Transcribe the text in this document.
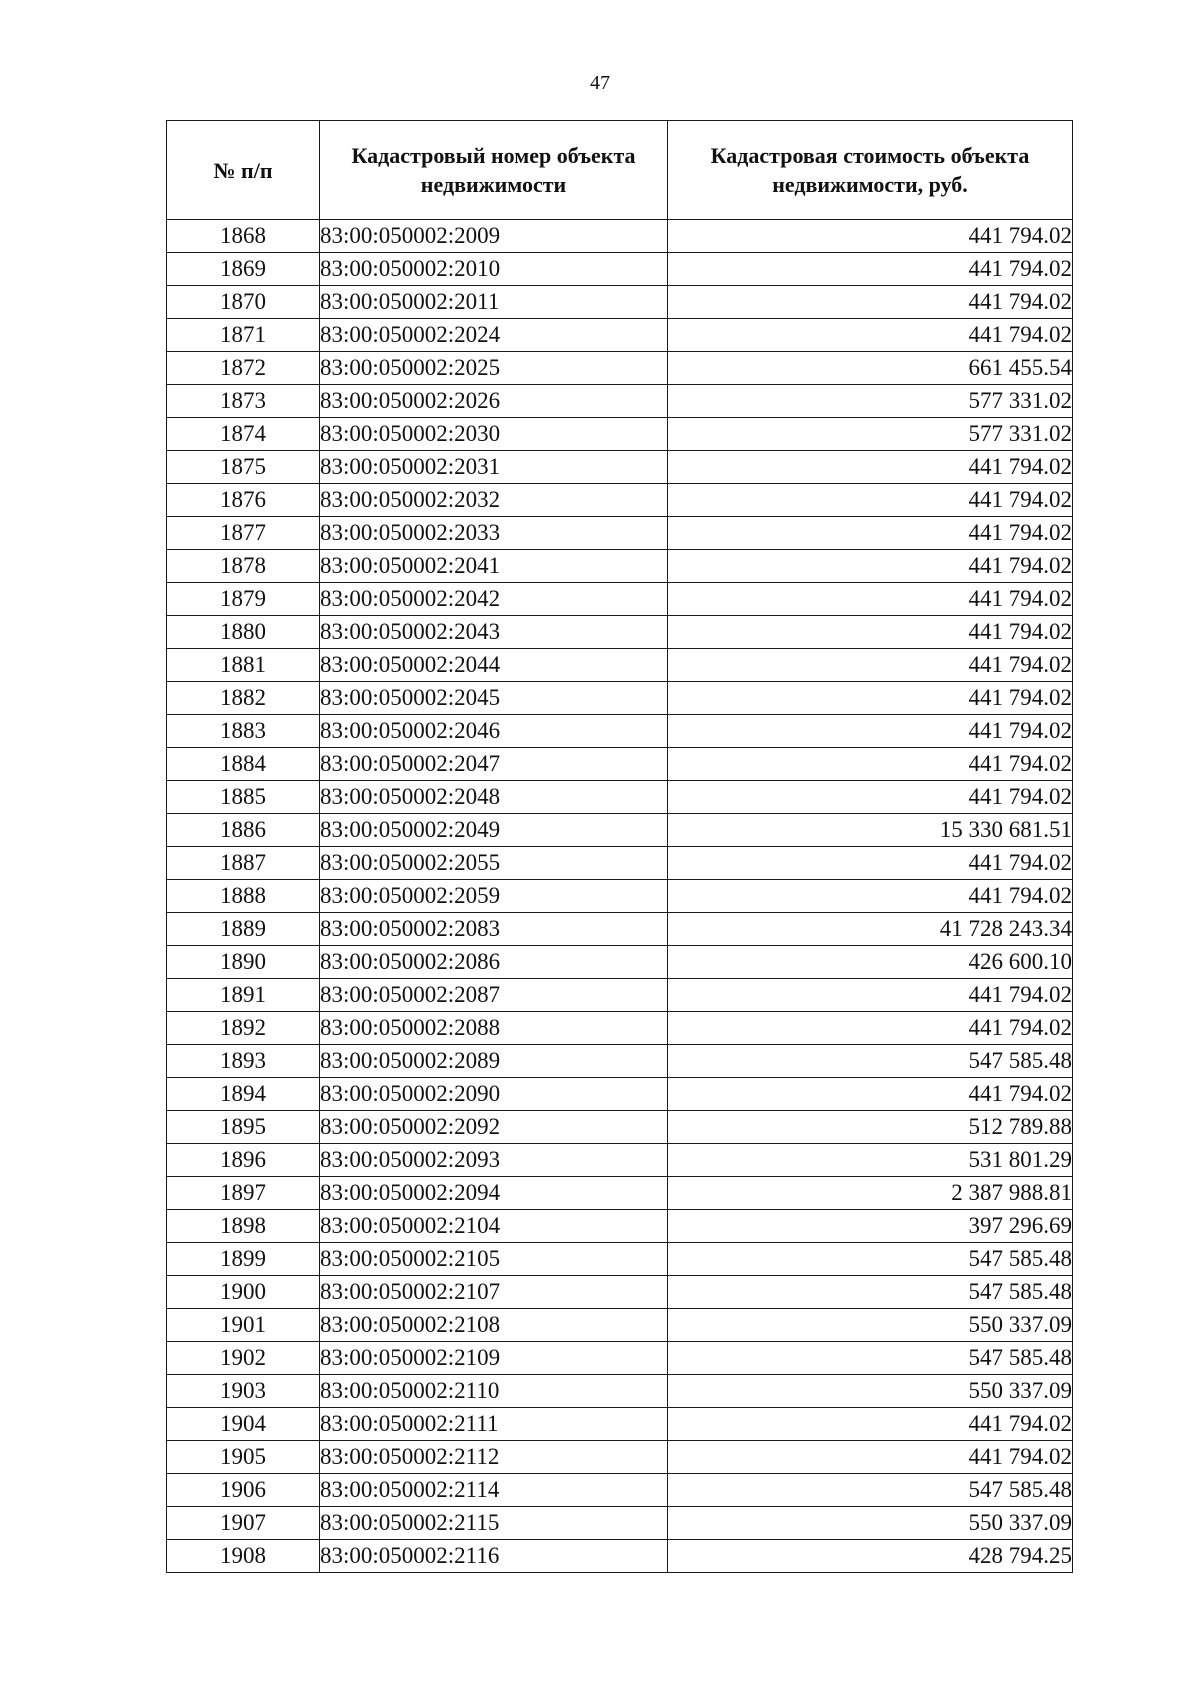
47
№ п/п	Кадастровый номер объекта недвижимости	Кадастровая стоимость объекта недвижимости, руб.
1868	83:00:050002:2009	441 794.02
1869	83:00:050002:2010	441 794.02
1870	83:00:050002:2011	441 794.02
1871	83:00:050002:2024	441 794.02
1872	83:00:050002:2025	661 455.54
1873	83:00:050002:2026	577 331.02
1874	83:00:050002:2030	577 331.02
1875	83:00:050002:2031	441 794.02
1876	83:00:050002:2032	441 794.02
1877	83:00:050002:2033	441 794.02
1878	83:00:050002:2041	441 794.02
1879	83:00:050002:2042	441 794.02
1880	83:00:050002:2043	441 794.02
1881	83:00:050002:2044	441 794.02
1882	83:00:050002:2045	441 794.02
1883	83:00:050002:2046	441 794.02
1884	83:00:050002:2047	441 794.02
1885	83:00:050002:2048	441 794.02
1886	83:00:050002:2049	15 330 681.51
1887	83:00:050002:2055	441 794.02
1888	83:00:050002:2059	441 794.02
1889	83:00:050002:2083	41 728 243.34
1890	83:00:050002:2086	426 600.10
1891	83:00:050002:2087	441 794.02
1892	83:00:050002:2088	441 794.02
1893	83:00:050002:2089	547 585.48
1894	83:00:050002:2090	441 794.02
1895	83:00:050002:2092	512 789.88
1896	83:00:050002:2093	531 801.29
1897	83:00:050002:2094	2 387 988.81
1898	83:00:050002:2104	397 296.69
1899	83:00:050002:2105	547 585.48
1900	83:00:050002:2107	547 585.48
1901	83:00:050002:2108	550 337.09
1902	83:00:050002:2109	547 585.48
1903	83:00:050002:2110	550 337.09
1904	83:00:050002:2111	441 794.02
1905	83:00:050002:2112	441 794.02
1906	83:00:050002:2114	547 585.48
1907	83:00:050002:2115	550 337.09
1908	83:00:050002:2116	428 794.25
